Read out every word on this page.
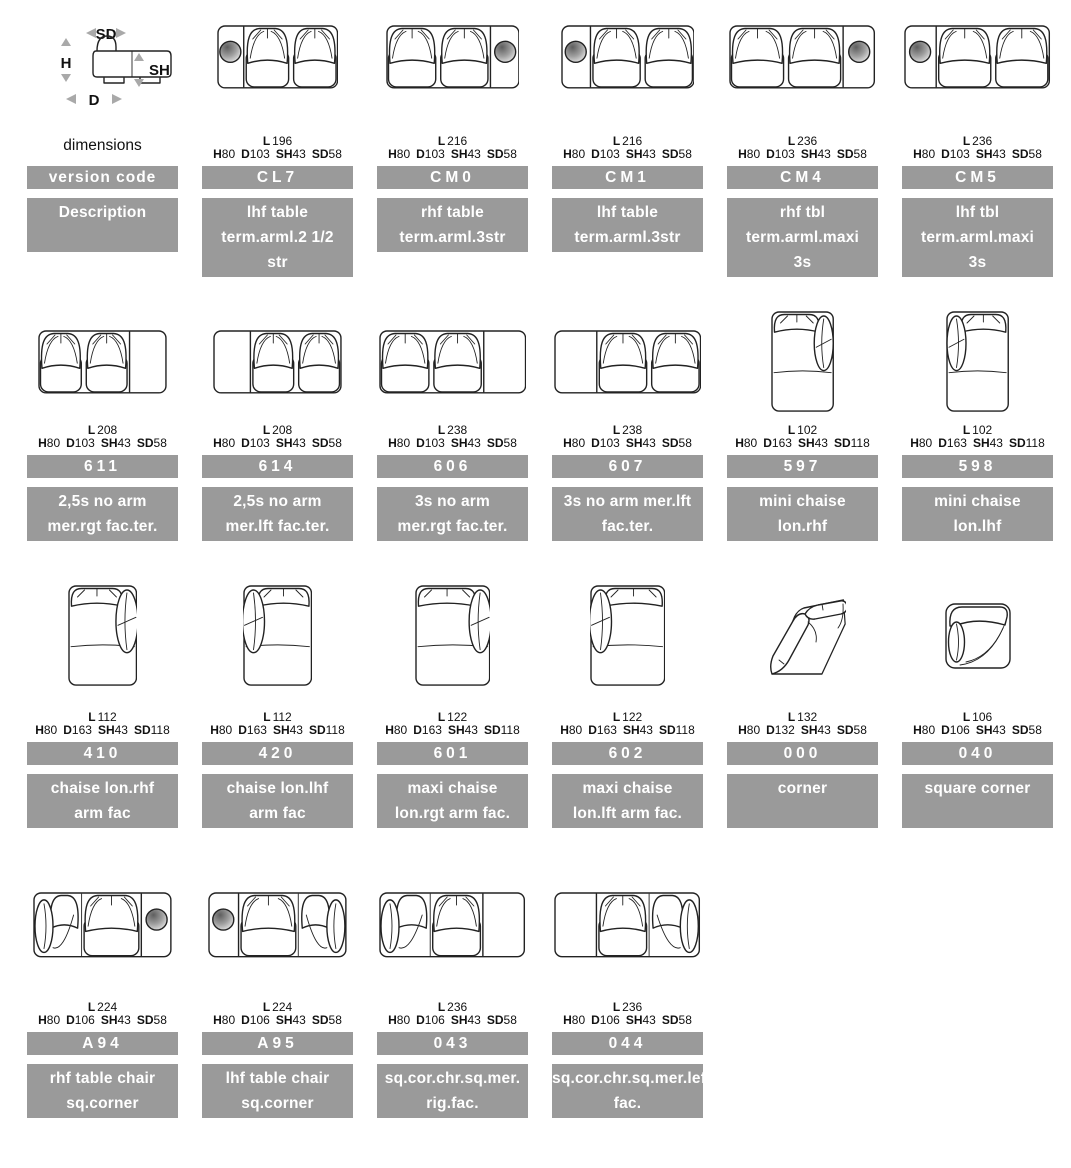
SD
H	SH
D
dimensions
version code
Description
L 196
H80 D103 SH43 SD58
CL7
lhf table
term.arml.2 1/2
str
L 216
H80 D103 SH43 SD58
CM0
rhf table
term.arml.3str
L 216
H80 D103 SH43 SD58
CM1
lhf table
term.arml.3str
L 236
H80 D103 SH43 SD58
CM4
rhf tbl
term.arml.maxi
3s
L 236
H80 D103 SH43 SD58
CM5
lhf tbl
term.arml.maxi
3s
L 208
H80 D103 SH43 SD58
611
2,5s no arm
mer.rgt fac.ter.
L 208
H80 D103 SH43 SD58
614
2,5s no arm
mer.lft fac.ter.
L 238
H80 D103 SH43 SD58
606
3s no arm
mer.rgt fac.ter.
L 238
H80 D103 SH43 SD58
607
3s no arm mer.lft
fac.ter.
L 102
H80 D163 SH43 SD118
597
mini chaise
lon.rhf
L 102
H80 D163 SH43 SD118
598
mini chaise
lon.lhf
L 112
H80 D163 SH43 SD118
410
chaise lon.rhf
arm fac
L 112
H80 D163 SH43 SD118
420
chaise lon.lhf
arm fac
L 122
H80 D163 SH43 SD118
601
maxi chaise
lon.rgt arm fac.
L 122
H80 D163 SH43 SD118
602
maxi chaise
lon.lft arm fac.
L 132
H80 D132 SH43 SD58
000
corner
L 106
H80 D106 SH43 SD58
040
square corner
L 224
H80 D106 SH43 SD58
A94
rhf table chair
sq.corner
L 224
H80 D106 SH43 SD58
A95
lhf table chair
sq.corner
L 236
H80 D106 SH43 SD58
043
sq.cor.chr.sq.mer.
rig.fac.
L 236
H80 D106 SH43 SD58
044
sq.cor.chr.sq.mer.left
fac.
